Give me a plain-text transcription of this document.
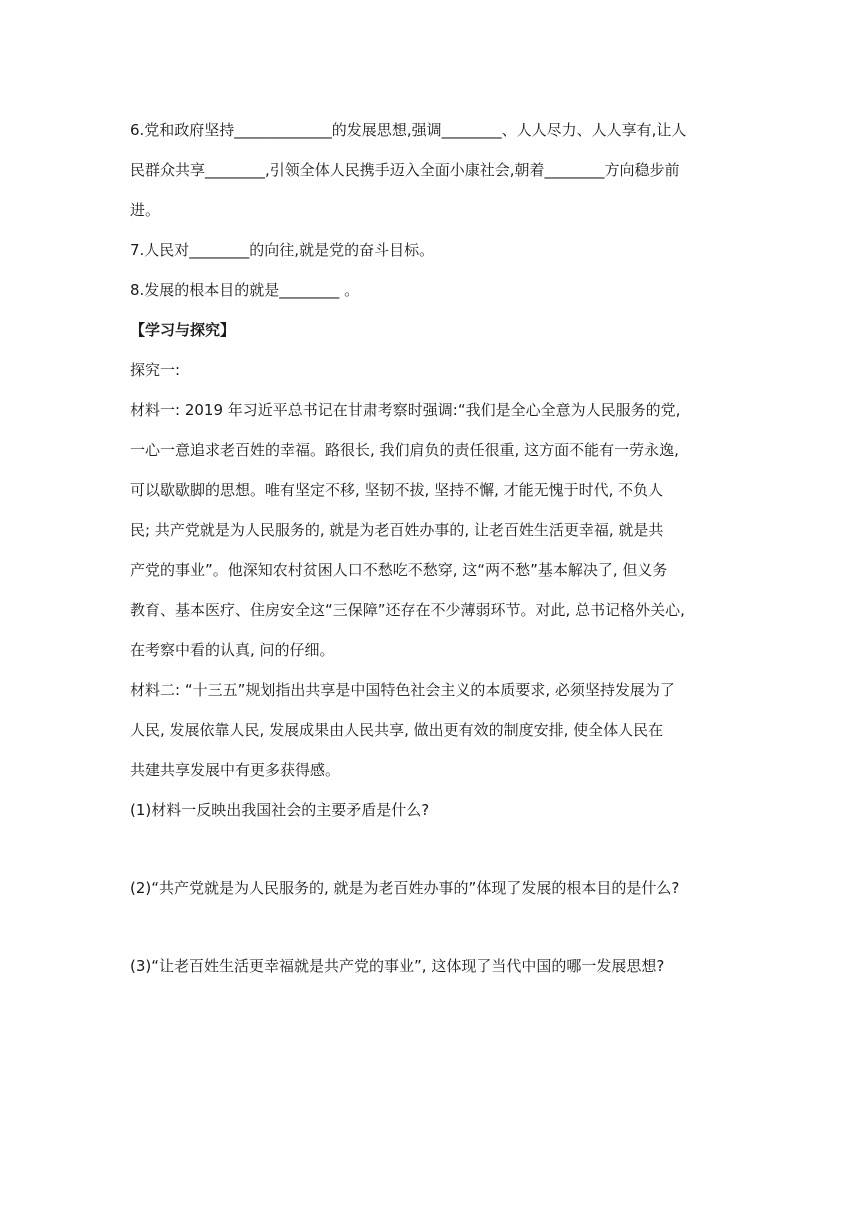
6.党和政府坚持_____________的发展思想,强调________、人人尽力、人人享有,让人

民群众共享________,引领全体人民携手迈入全面小康社会,朝着________方向稳步前

进。

7.人民对________的向往,就是党的奋斗目标。

8.发展的根本目的就是________ 。

【学习与探究】

探究一:

材料一: 2019 年习近平总书记在甘肃考察时强调:“我们是全心全意为人民服务的党,

一心一意追求老百姓的幸福。路很长, 我们肩负的责任很重, 这方面不能有一劳永逸,

可以歇歇脚的思想。唯有坚定不移, 坚韧不拔, 坚持不懈, 才能无愧于时代, 不负人

民; 共产党就是为人民服务的, 就是为老百姓办事的, 让老百姓生活更幸福, 就是共

产党的事业”。他深知农村贫困人口不愁吃不愁穿, 这“两不愁”基本解决了, 但义务

教育、基本医疗、住房安全这“三保障”还存在不少薄弱环节。对此, 总书记格外关心,

在考察中看的认真, 问的仔细。

材料二: “十三五”规划指出共享是中国特色社会主义的本质要求, 必须坚持发展为了

人民, 发展依靠人民, 发展成果由人民共享, 做出更有效的制度安排, 使全体人民在

共建共享发展中有更多获得感。

(1)材料一反映出我国社会的主要矛盾是什么?

(2)“共产党就是为人民服务的, 就是为老百姓办事的”体现了发展的根本目的是什么?

(3)“让老百姓生活更幸福就是共产党的事业”, 这体现了当代中国的哪一发展思想?
